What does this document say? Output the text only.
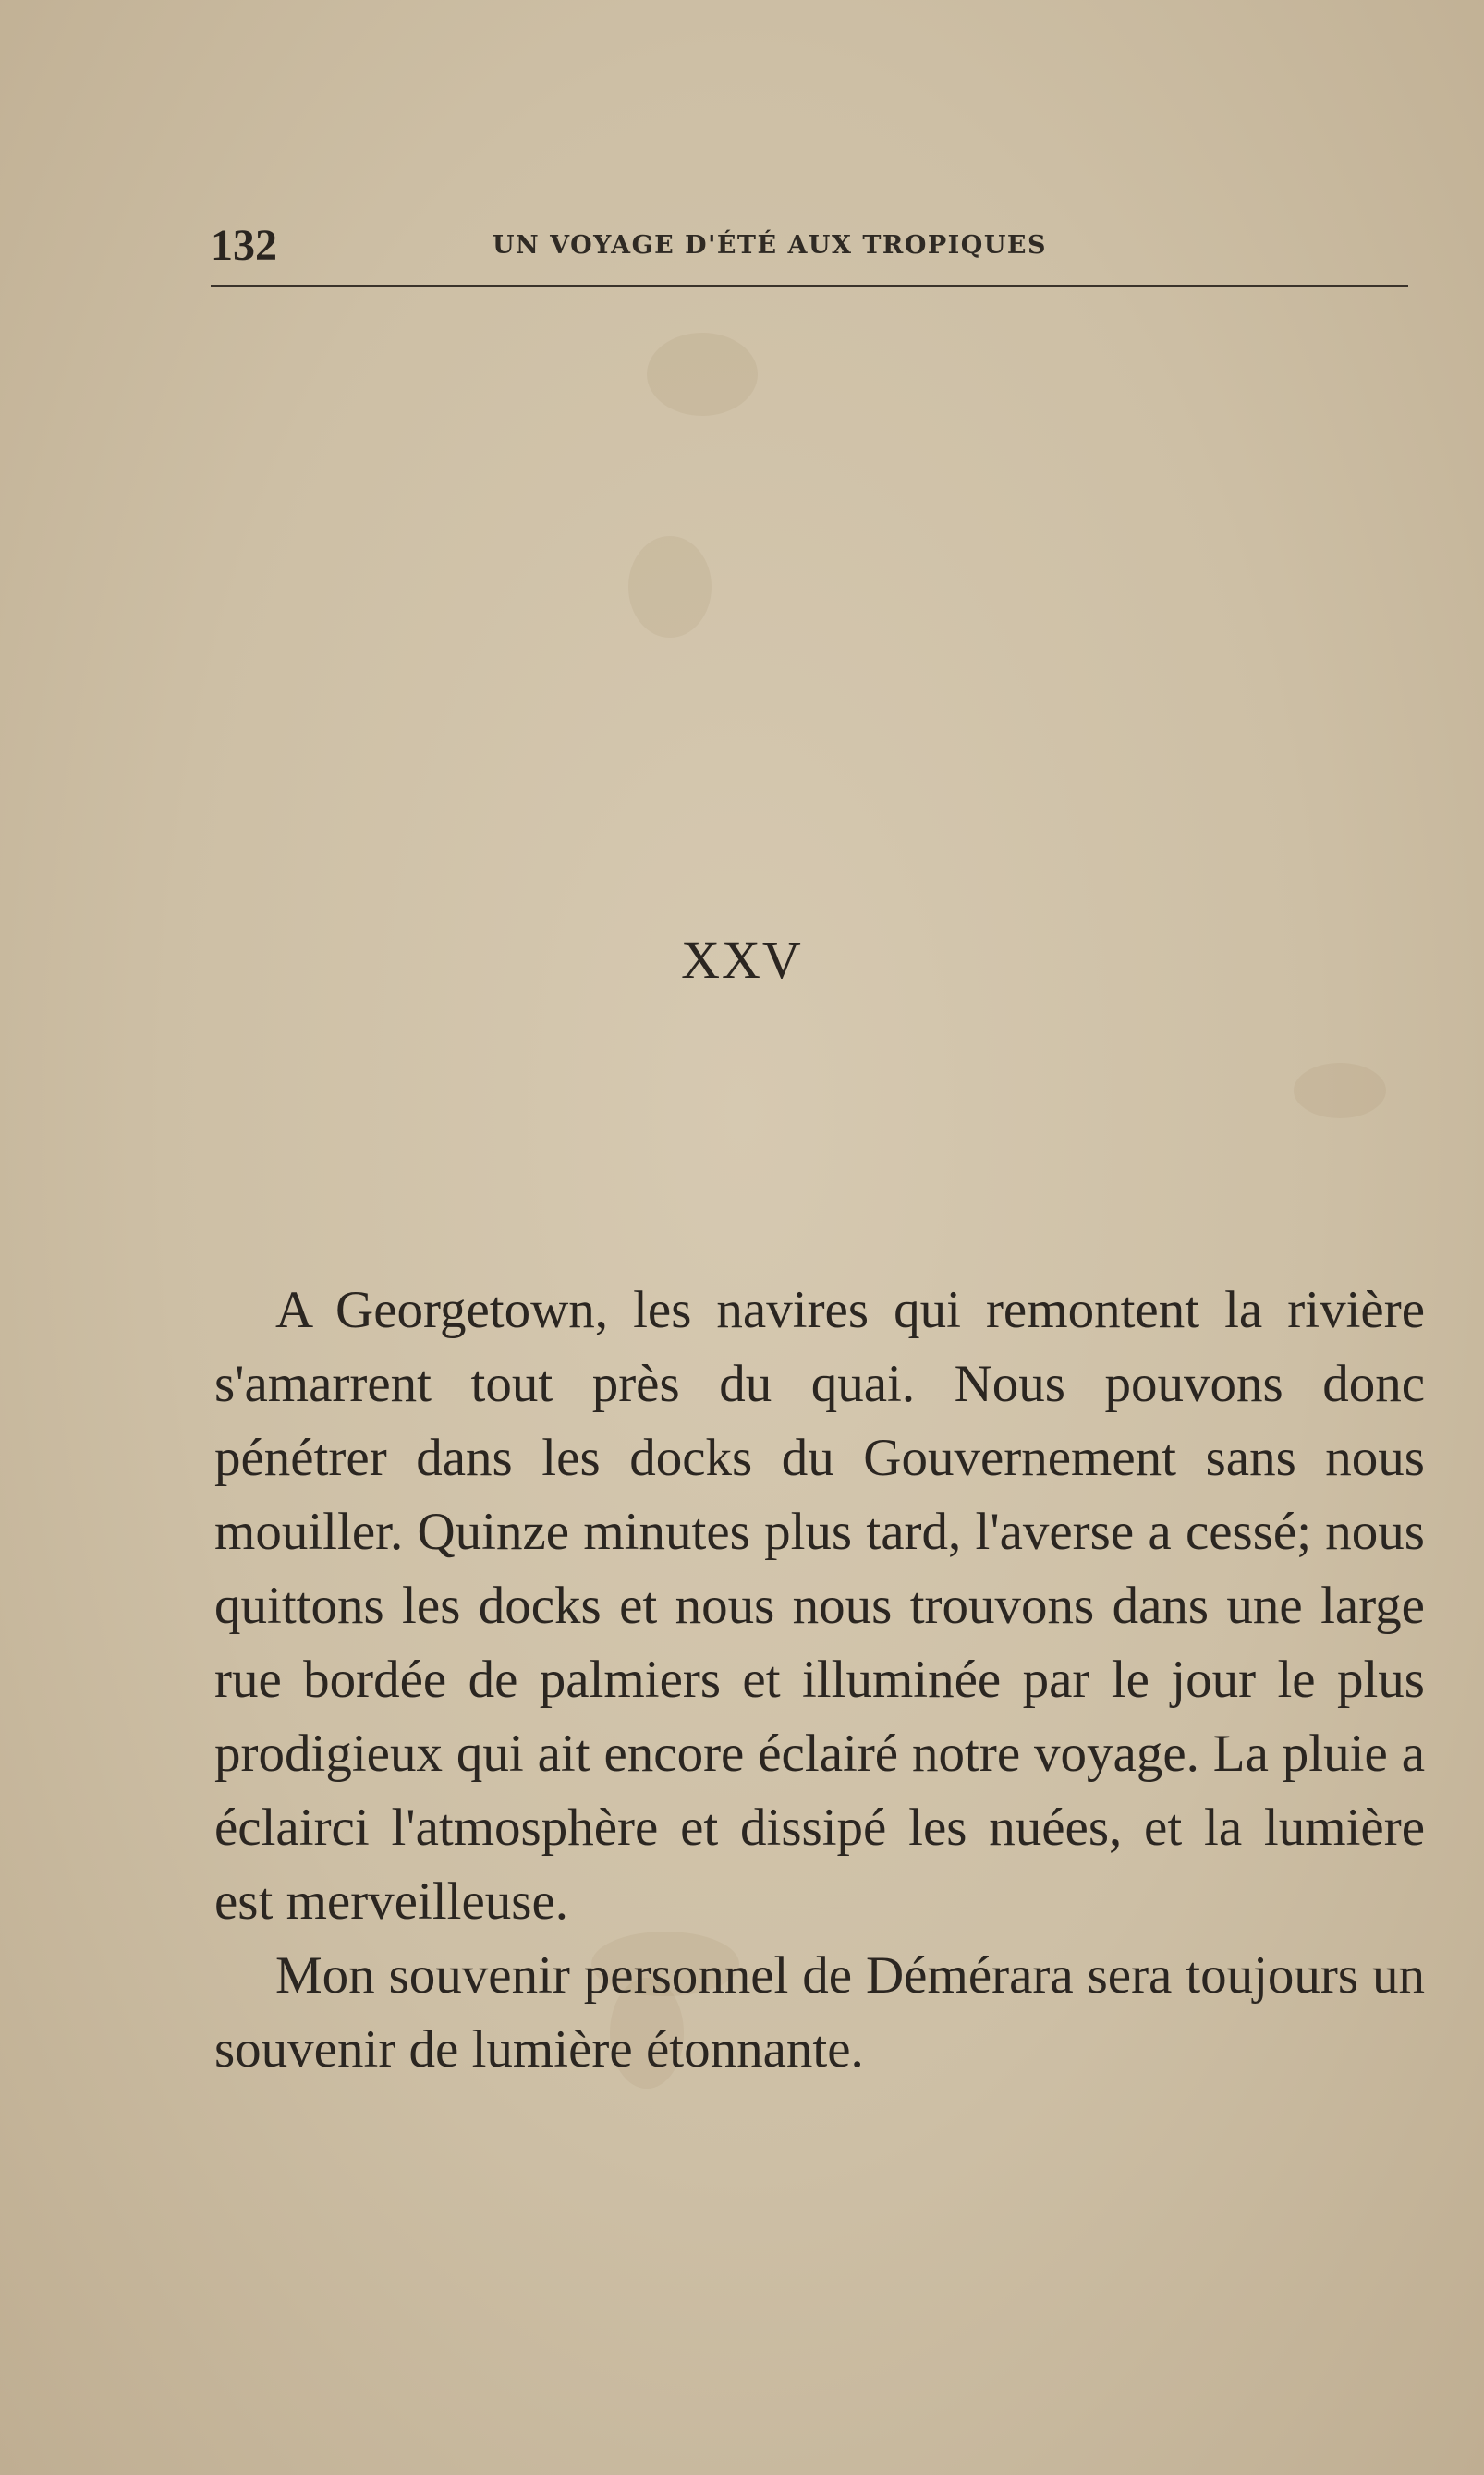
132	UN VOYAGE D'ÉTÉ AUX TROPIQUES
XXV

A Georgetown, les navires qui remontent la rivière s'amarrent tout près du quai. Nous pouvons donc pénétrer dans les docks du Gouvernement sans nous mouiller. Quinze minutes plus tard, l'averse a cessé; nous quittons les docks et nous nous trouvons dans une large rue bordée de palmiers et illuminée par le jour le plus prodigieux qui ait encore éclairé notre voyage. La pluie a éclairci l'atmosphère et dissipé les nuées, et la lumière est merveilleuse.

Mon souvenir personnel de Démérara sera toujours un souvenir de lumière étonnante.
